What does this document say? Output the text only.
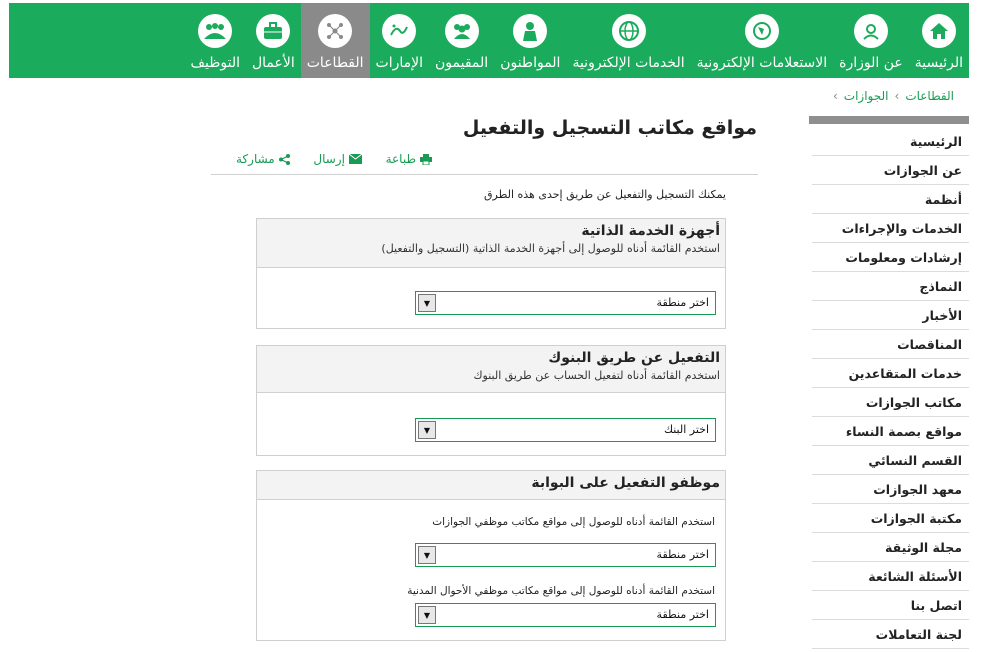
الرئيسية
عن الوزارة
الاستعلامات الإلكترونية
الخدمات الإلكترونية
المواطنون
المقيمون
الإمارات
القطاعات
الأعمال
التوظيف
القطاعات
›
الجوازات
›
مواقع مكاتب التسجيل والتفعيل
طباعة
إرسال
مشاركة
يمكنك التسجيل والتفعيل عن طريق إحدى هذه الطرق
أجهزة الخدمة الذاتية
استخدم القائمة أدناه للوصول إلى أجهزة الخدمة الذاتية (التسجيل والتفعيل)
▼	اختر منطقة
التفعيل عن طريق البنوك
استخدم القائمة أدناه لتفعيل الحساب عن طريق البنوك
▼	اختر البنك
موظفو التفعيل على البوابة
استخدم القائمة أدناه للوصول إلى مواقع مكاتب موظفي الجوازات
▼	اختر منطقة
استخدم القائمة أدناه للوصول إلى مواقع مكاتب موظفي الأحوال المدنية
▼	اختر منطقة
الرئيسية
عن الجوازات
أنظمة
الخدمات والإجراءات
إرشادات ومعلومات
النماذج
الأخبار
المناقصات
خدمات المتقاعدين
مكاتب الجوازات
مواقع بصمة النساء
القسم النسائي
معهد الجوازات
مكتبة الجوازات
مجلة الوثيقة
الأسئلة الشائعة
اتصل بنا
لجنة التعاملات
